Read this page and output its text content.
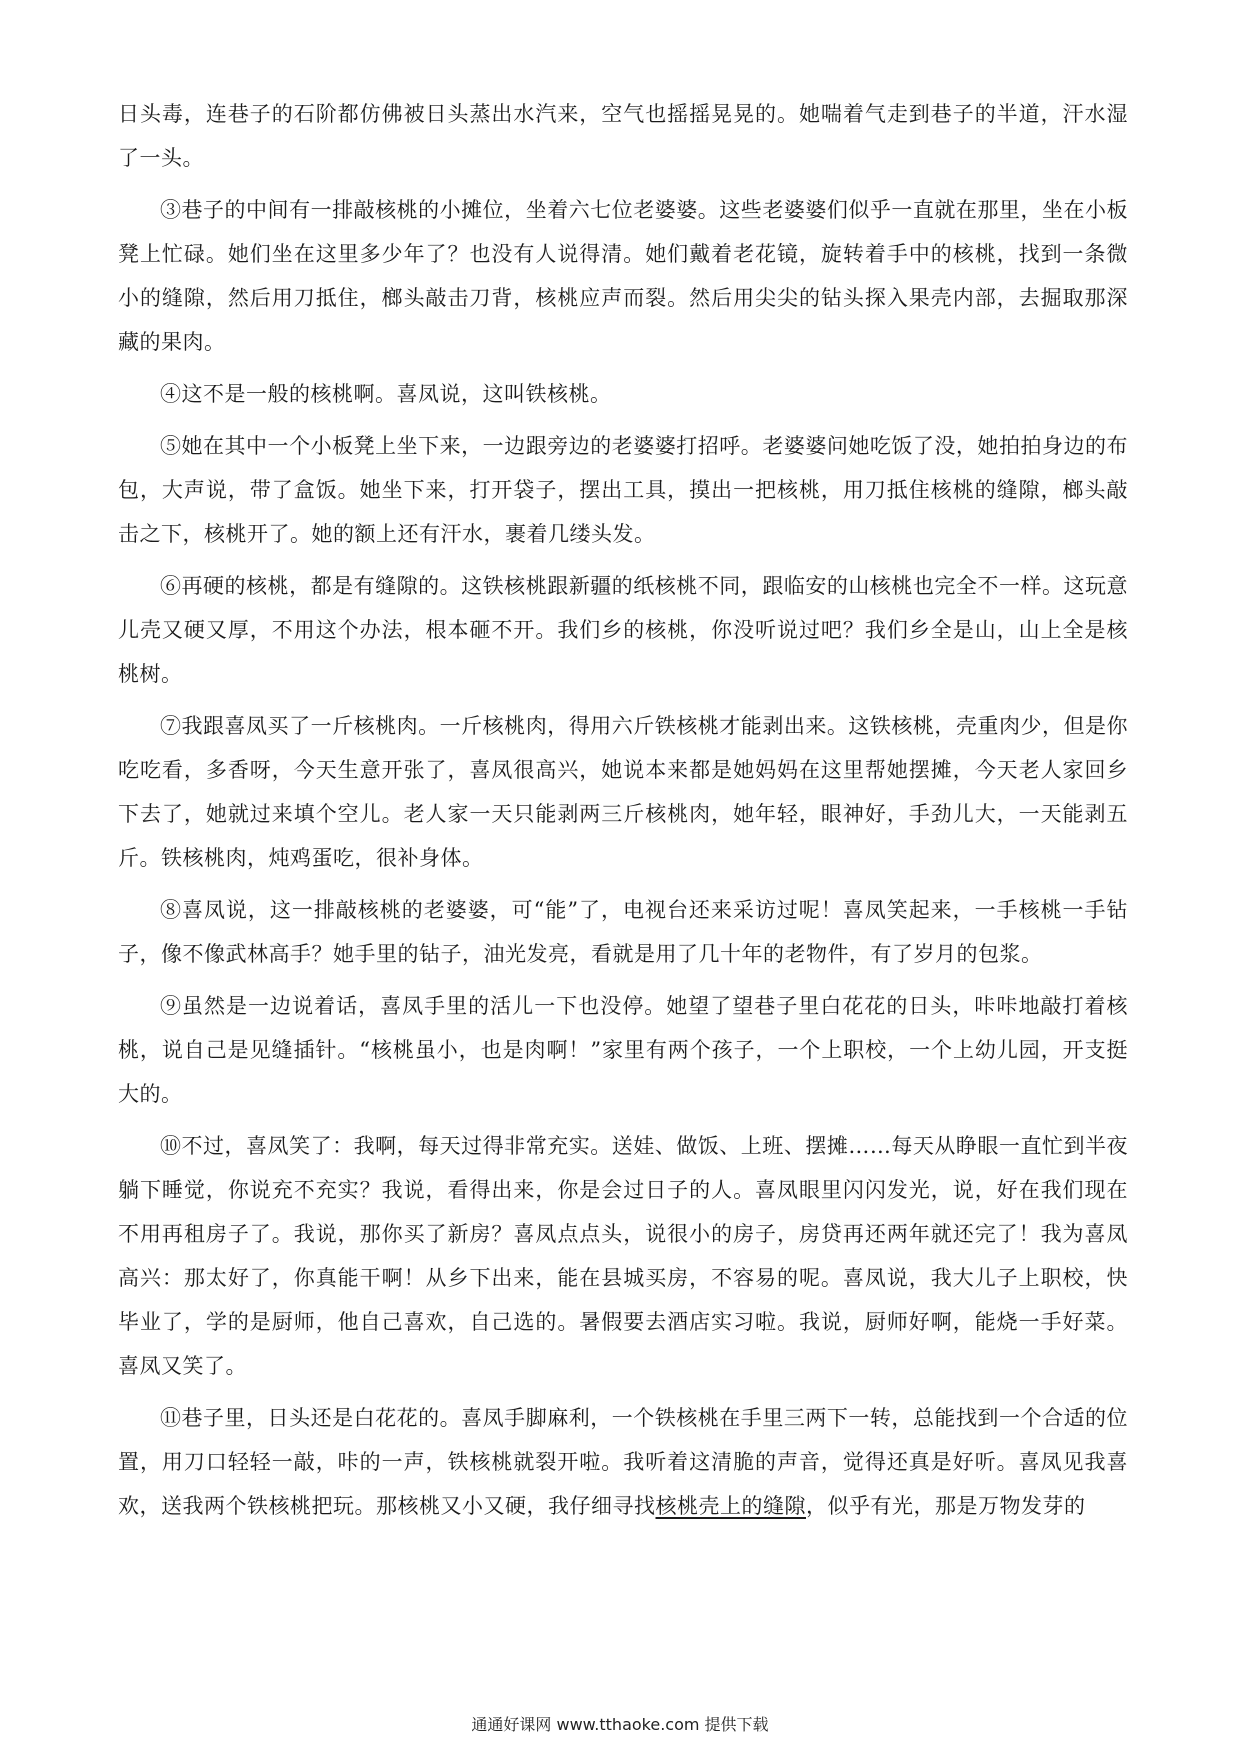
日头毒，连巷子的石阶都仿佛被日头蒸出水汽来，空气也摇摇晃晃的。她喘着气走到巷子的半道，汗水湿了一头。

③巷子的中间有一排敲核桃的小摊位，坐着六七位老婆婆。这些老婆婆们似乎一直就在那里，坐在小板凳上忙碌。她们坐在这里多少年了？也没有人说得清。她们戴着老花镜，旋转着手中的核桃，找到一条微小的缝隙，然后用刀抵住，榔头敲击刀背，核桃应声而裂。然后用尖尖的钻头探入果壳内部，去掘取那深藏的果肉。

④这不是一般的核桃啊。喜凤说，这叫铁核桃。

⑤她在其中一个小板凳上坐下来，一边跟旁边的老婆婆打招呼。老婆婆问她吃饭了没，她拍拍身边的布包，大声说，带了盒饭。她坐下来，打开袋子，摆出工具，摸出一把核桃，用刀抵住核桃的缝隙，榔头敲击之下，核桃开了。她的额上还有汗水，裹着几缕头发。

⑥再硬的核桃，都是有缝隙的。这铁核桃跟新疆的纸核桃不同，跟临安的山核桃也完全不一样。这玩意儿壳又硬又厚，不用这个办法，根本砸不开。我们乡的核桃，你没听说过吧？我们乡全是山，山上全是核桃树。

⑦我跟喜凤买了一斤核桃肉。一斤核桃肉，得用六斤铁核桃才能剥出来。这铁核桃，壳重肉少，但是你吃吃看，多香呀，今天生意开张了，喜凤很高兴，她说本来都是她妈妈在这里帮她摆摊，今天老人家回乡下去了，她就过来填个空儿。老人家一天只能剥两三斤核桃肉，她年轻，眼神好，手劲儿大，一天能剥五斤。铁核桃肉，炖鸡蛋吃，很补身体。

⑧喜凤说，这一排敲核桃的老婆婆，可“能”了，电视台还来采访过呢！喜凤笑起来，一手核桃一手钻子，像不像武林高手？她手里的钻子，油光发亮，看就是用了几十年的老物件，有了岁月的包浆。

⑨虽然是一边说着话，喜凤手里的活儿一下也没停。她望了望巷子里白花花的日头，咔咔地敲打着核桃，说自己是见缝插针。“核桃虽小，也是肉啊！”家里有两个孩子，一个上职校，一个上幼儿园，开支挺大的。

⑩不过，喜凤笑了：我啊，每天过得非常充实。送娃、做饭、上班、摆摊……每天从睁眼一直忙到半夜躺下睡觉，你说充不充实？我说，看得出来，你是会过日子的人。喜凤眼里闪闪发光，说，好在我们现在不用再租房子了。我说，那你买了新房？喜凤点点头，说很小的房子，房贷再还两年就还完了！我为喜凤高兴：那太好了，你真能干啊！从乡下出来，能在县城买房，不容易的呢。喜凤说，我大儿子上职校，快毕业了，学的是厨师，他自己喜欢，自己选的。暑假要去酒店实习啦。我说，厨师好啊，能烧一手好菜。喜凤又笑了。

⑪巷子里，日头还是白花花的。喜凤手脚麻利，一个铁核桃在手里三两下一转，总能找到一个合适的位置，用刀口轻轻一敲，咔的一声，铁核桃就裂开啦。我听着这清脆的声音，觉得还真是好听。喜凤见我喜欢，送我两个铁核桃把玩。那核桃又小又硬，我仔细寻找核桃壳上的缝隙，似乎有光，那是万物发芽的

通通好课网 www.tthaoke.com 提供下载
